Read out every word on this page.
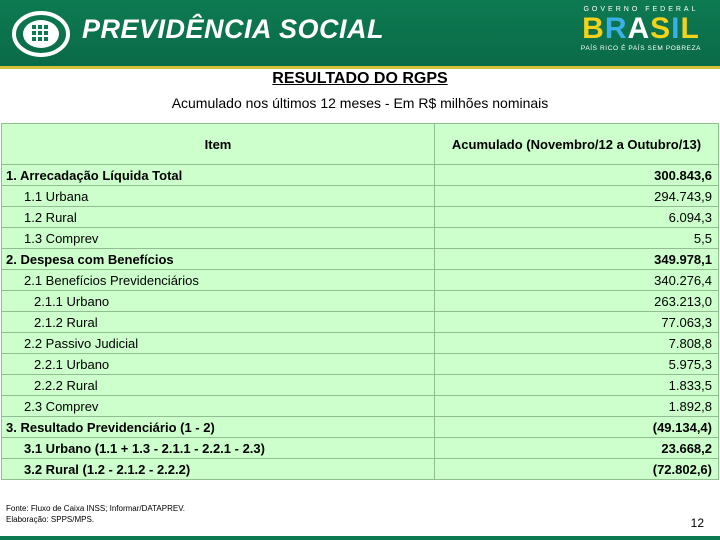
PREVIDÊNCIA SOCIAL
GOVERNO FEDERAL
BRASIL
PAÍS RICO É PAÍS SEM POBREZA
RESULTADO DO RGPS
Acumulado nos últimos 12 meses - Em R$ milhões nominais
Item	Acumulado (Novembro/12 a Outubro/13)
1. Arrecadação Líquida Total	300.843,6
1.1 Urbana	294.743,9
1.2 Rural	6.094,3
1.3 Comprev	5,5
2. Despesa com Benefícios	349.978,1
2.1 Benefícios Previdenciários	340.276,4
2.1.1 Urbano	263.213,0
2.1.2 Rural	77.063,3
2.2 Passivo Judicial	7.808,8
2.2.1 Urbano	5.975,3
2.2.2 Rural	1.833,5
2.3 Comprev	1.892,8
3. Resultado Previdenciário (1 - 2)	(49.134,4)
3.1 Urbano (1.1 + 1.3 - 2.1.1 - 2.2.1 - 2.3)	23.668,2
3.2 Rural (1.2 - 2.1.2 - 2.2.2)	(72.802,6)
Fonte: Fluxo de Caixa INSS; Informar/DATAPREV.
Elaboração: SPPS/MPS.	12
